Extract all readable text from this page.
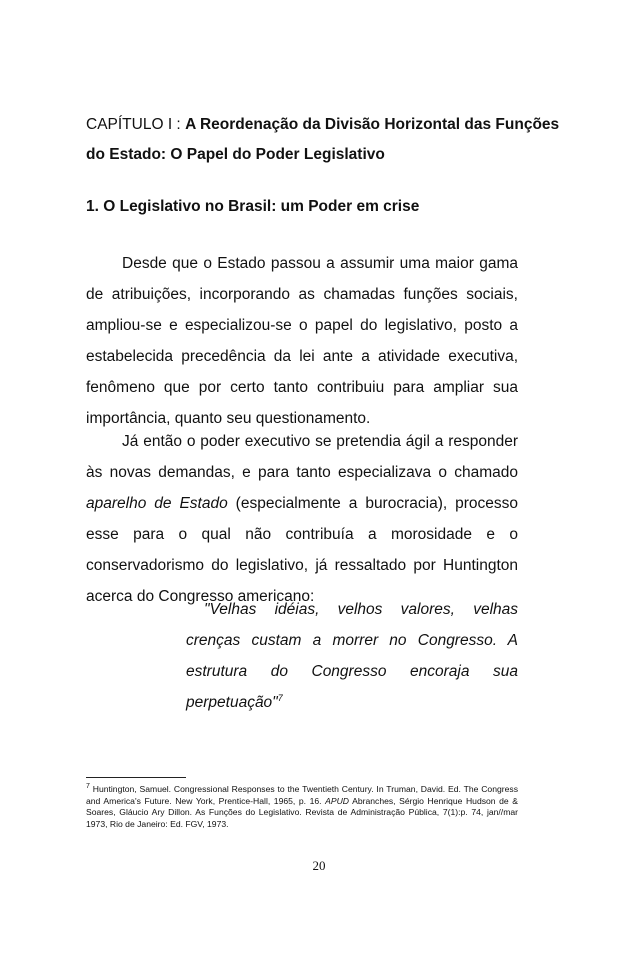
CAPÍTULO I : A Reordenação da Divisão Horizontal das Funções do Estado: O Papel do Poder Legislativo

1. O Legislativo no Brasil: um Poder em crise

Desde que o Estado passou a assumir uma maior gama de atribuições, incorporando as chamadas funções sociais, ampliou-se e especializou-se o papel do legislativo, posto a estabelecida precedência da lei ante a atividade executiva, fenômeno que por certo tanto contribuiu para ampliar sua importância, quanto seu questionamento.

Já então o poder executivo se pretendia ágil a responder às novas demandas, e para tanto especializava o chamado aparelho de Estado (especialmente a burocracia), processo esse para o qual não contribuía a morosidade e o conservadorismo do legislativo, já ressaltado por Huntington acerca do Congresso americano:

"Velhas idéias, velhos valores, velhas crenças custam a morrer no Congresso. A estrutura do Congresso encoraja sua perpetuação"$^7$

$^7$ Huntington, Samuel. Congressional Responses to the Twentieth Century. In Truman, David. Ed. The Congress and America's Future. New York, Prentice-Hall, 1965, p. 16. APUD Abranches, Sérgio Henrique Hudson de & Soares, Gláucio Ary Dillon. As Funções do Legislativo. Revista de Administração Pública, 7(1):p. 74, jan//mar 1973, Rio de Janeiro: Ed. FGV, 1973.

20
